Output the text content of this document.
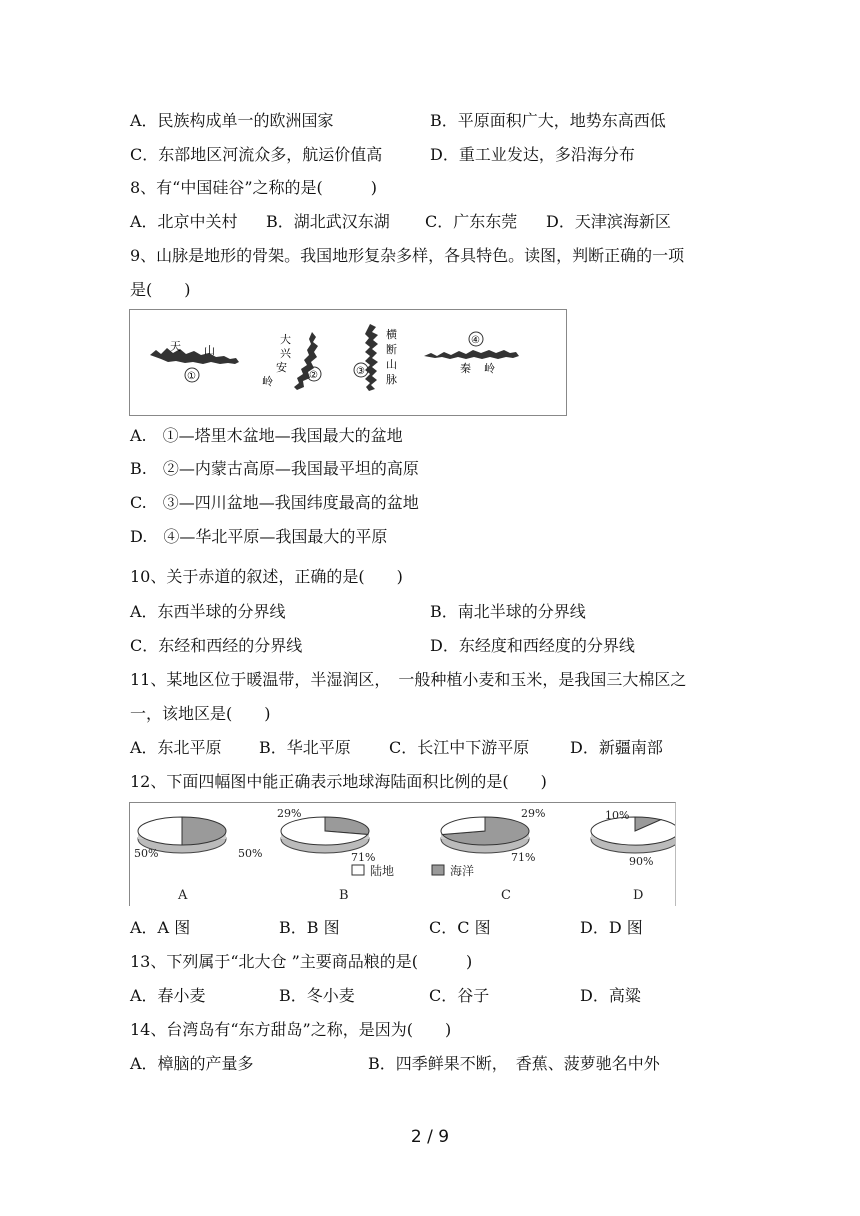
A．民族构成单一的欧洲国家	B．平原面积广大，地势东高西低
C．东部地区河流众多，航运价值高	D．重工业发达，多沿海分布
8、有“中国硅谷”之称的是(　　　)
A．北京中关村 B．湖北武汉东湖 C．广东东莞 D．天津滨海新区
9、山脉是地形的骨架。我国地形复杂多样，各具特色。读图，判断正确的一项
是(　　)
天 山
①
大
兴
安
岭	②
横
断
山
脉
③
④
秦 岭
A.　①—塔里木盆地—我国最大的盆地
B.　②—内蒙古高原—我国最平坦的高原
C.　③—四川盆地—我国纬度最高的盆地
D.　④—华北平原—我国最大的平原
10、关于赤道的叙述，正确的是(　　)
A．东西半球的分界线	B．南北半球的分界线
C．东经和西经的分界线	D．东经度和西经度的分界线
11、某地区位于暖温带，半湿润区，　一般种植小麦和玉米，是我国三大棉区之
一，该地区是(　　)
A．东北平原 B．华北平原 C．长江中下游平原	D．新疆南部
12、下面四幅图中能正确表示地球海陆面积比例的是(　　)
50%	50%
A
29%
71%
B
71%
29%
C
10%
90%
D
陆地	海洋
A．A 图	B．B 图	C．C 图	D．D 图
13、下列属于“北大仓 ”主要商品粮的是(　　　)
A．春小麦	B．冬小麦	C．谷子	D．高粱
14、台湾岛有“东方甜岛”之称，是因为(　　)
A．樟脑的产量多	B．四季鲜果不断，　香蕉、菠萝驰名中外
2 / 9
